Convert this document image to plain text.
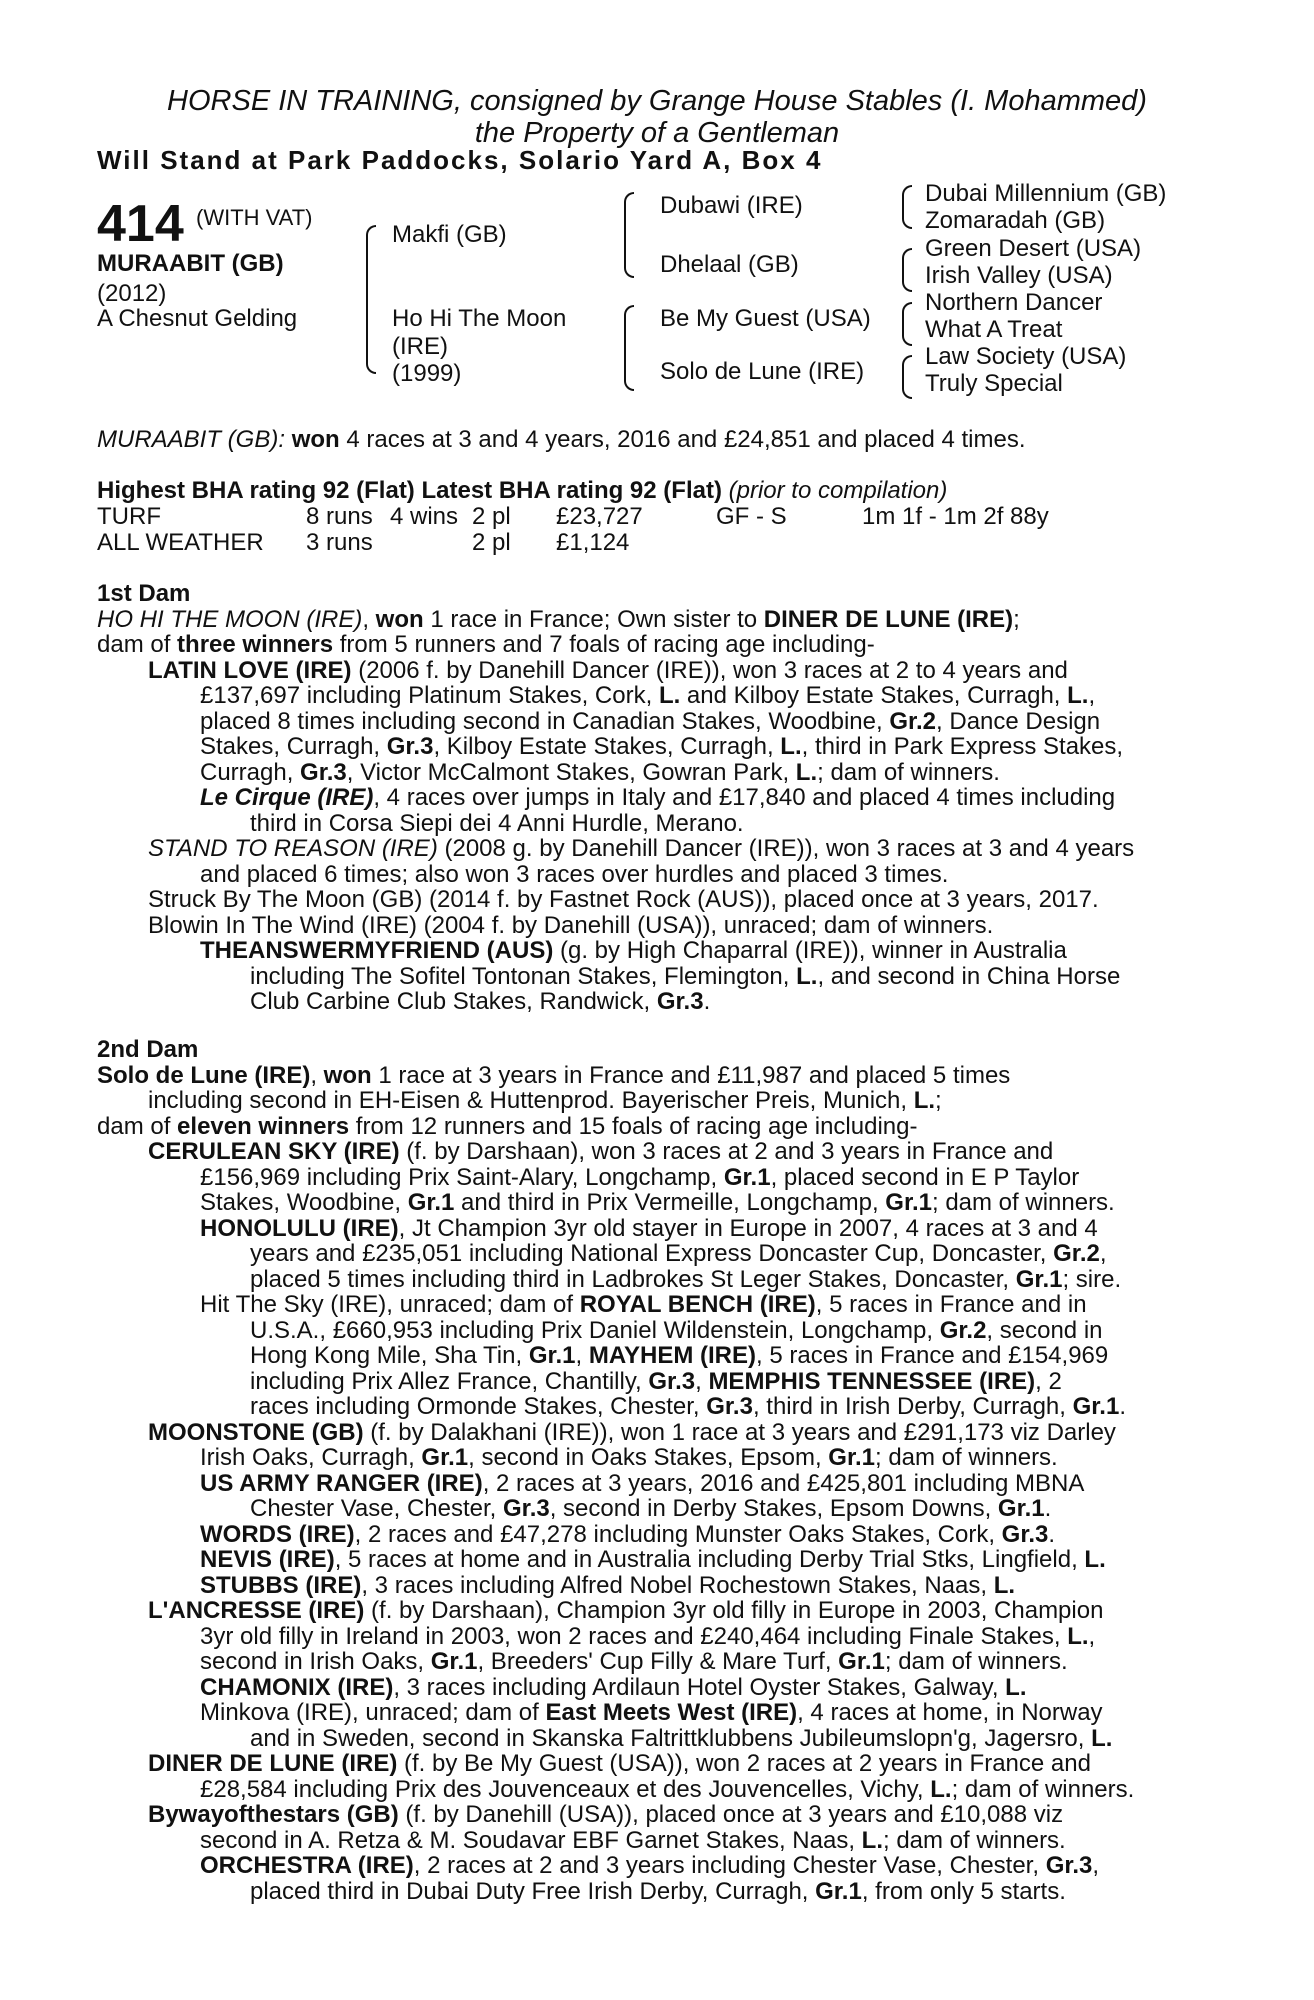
HORSE IN TRAINING, consigned by Grange House Stables (I. Mohammed)
the Property of a Gentleman
Will Stand at Park Paddocks, Solario Yard A, Box 4
414 (WITH VAT)
MURAABIT (GB)
(2012)
A Chesnut Gelding
Makfi (GB)
Ho Hi The Moon
(IRE)
(1999)
Dubawi (IRE)
Dhelaal (GB)
Be My Guest (USA)
Solo de Lune (IRE)
Dubai Millennium (GB)
Zomaradah (GB)
Green Desert (USA)
Irish Valley (USA)
Northern Dancer
What A Treat
Law Society (USA)
Truly Special
MURAABIT (GB): won 4 races at 3 and 4 years, 2016 and £24,851 and placed 4 times.
Highest BHA rating 92 (Flat) Latest BHA rating 92 (Flat) (prior to compilation)
TURF	8 runs 4 wins 2 pl £23,727	GF - S	1m 1f - 1m 2f 88y
ALL WEATHER 3 runs	2 pl £1,124
1st Dam
HO HI THE MOON (IRE), won 1 race in France; Own sister to DINER DE LUNE (IRE);
dam of three winners from 5 runners and 7 foals of racing age including-
LATIN LOVE (IRE) (2006 f. by Danehill Dancer (IRE)), won 3 races at 2 to 4 years and
£137,697 including Platinum Stakes, Cork, L. and Kilboy Estate Stakes, Curragh, L.,
placed 8 times including second in Canadian Stakes, Woodbine, Gr.2, Dance Design
Stakes, Curragh, Gr.3, Kilboy Estate Stakes, Curragh, L., third in Park Express Stakes,
Curragh, Gr.3, Victor McCalmont Stakes, Gowran Park, L.; dam of winners.
Le Cirque (IRE), 4 races over jumps in Italy and £17,840 and placed 4 times including
third in Corsa Siepi dei 4 Anni Hurdle, Merano.
STAND TO REASON (IRE) (2008 g. by Danehill Dancer (IRE)), won 3 races at 3 and 4 years
and placed 6 times; also won 3 races over hurdles and placed 3 times.
Struck By The Moon (GB) (2014 f. by Fastnet Rock (AUS)), placed once at 3 years, 2017.
Blowin In The Wind (IRE) (2004 f. by Danehill (USA)), unraced; dam of winners.
THEANSWERMYFRIEND (AUS) (g. by High Chaparral (IRE)), winner in Australia
including The Sofitel Tontonan Stakes, Flemington, L., and second in China Horse
Club Carbine Club Stakes, Randwick, Gr.3.
2nd Dam
Solo de Lune (IRE), won 1 race at 3 years in France and £11,987 and placed 5 times
including second in EH-Eisen & Huttenprod. Bayerischer Preis, Munich, L.;
dam of eleven winners from 12 runners and 15 foals of racing age including-
CERULEAN SKY (IRE) (f. by Darshaan), won 3 races at 2 and 3 years in France and
£156,969 including Prix Saint-Alary, Longchamp, Gr.1, placed second in E P Taylor
Stakes, Woodbine, Gr.1 and third in Prix Vermeille, Longchamp, Gr.1; dam of winners.
HONOLULU (IRE), Jt Champion 3yr old stayer in Europe in 2007, 4 races at 3 and 4
years and £235,051 including National Express Doncaster Cup, Doncaster, Gr.2,
placed 5 times including third in Ladbrokes St Leger Stakes, Doncaster, Gr.1; sire.
Hit The Sky (IRE), unraced; dam of ROYAL BENCH (IRE), 5 races in France and in
U.S.A., £660,953 including Prix Daniel Wildenstein, Longchamp, Gr.2, second in
Hong Kong Mile, Sha Tin, Gr.1, MAYHEM (IRE), 5 races in France and £154,969
including Prix Allez France, Chantilly, Gr.3, MEMPHIS TENNESSEE (IRE), 2
races including Ormonde Stakes, Chester, Gr.3, third in Irish Derby, Curragh, Gr.1.
MOONSTONE (GB) (f. by Dalakhani (IRE)), won 1 race at 3 years and £291,173 viz Darley
Irish Oaks, Curragh, Gr.1, second in Oaks Stakes, Epsom, Gr.1; dam of winners.
US ARMY RANGER (IRE), 2 races at 3 years, 2016 and £425,801 including MBNA
Chester Vase, Chester, Gr.3, second in Derby Stakes, Epsom Downs, Gr.1.
WORDS (IRE), 2 races and £47,278 including Munster Oaks Stakes, Cork, Gr.3.
NEVIS (IRE), 5 races at home and in Australia including Derby Trial Stks, Lingfield, L.
STUBBS (IRE), 3 races including Alfred Nobel Rochestown Stakes, Naas, L.
L'ANCRESSE (IRE) (f. by Darshaan), Champion 3yr old filly in Europe in 2003, Champion
3yr old filly in Ireland in 2003, won 2 races and £240,464 including Finale Stakes, L.,
second in Irish Oaks, Gr.1, Breeders' Cup Filly & Mare Turf, Gr.1; dam of winners.
CHAMONIX (IRE), 3 races including Ardilaun Hotel Oyster Stakes, Galway, L.
Minkova (IRE), unraced; dam of East Meets West (IRE), 4 races at home, in Norway
and in Sweden, second in Skanska Faltrittklubbens Jubileumslopn'g, Jagersro, L.
DINER DE LUNE (IRE) (f. by Be My Guest (USA)), won 2 races at 2 years in France and
£28,584 including Prix des Jouvenceaux et des Jouvencelles, Vichy, L.; dam of winners.
Bywayofthestars (GB) (f. by Danehill (USA)), placed once at 3 years and £10,088 viz
second in A. Retza & M. Soudavar EBF Garnet Stakes, Naas, L.; dam of winners.
ORCHESTRA (IRE), 2 races at 2 and 3 years including Chester Vase, Chester, Gr.3,
placed third in Dubai Duty Free Irish Derby, Curragh, Gr.1, from only 5 starts.
